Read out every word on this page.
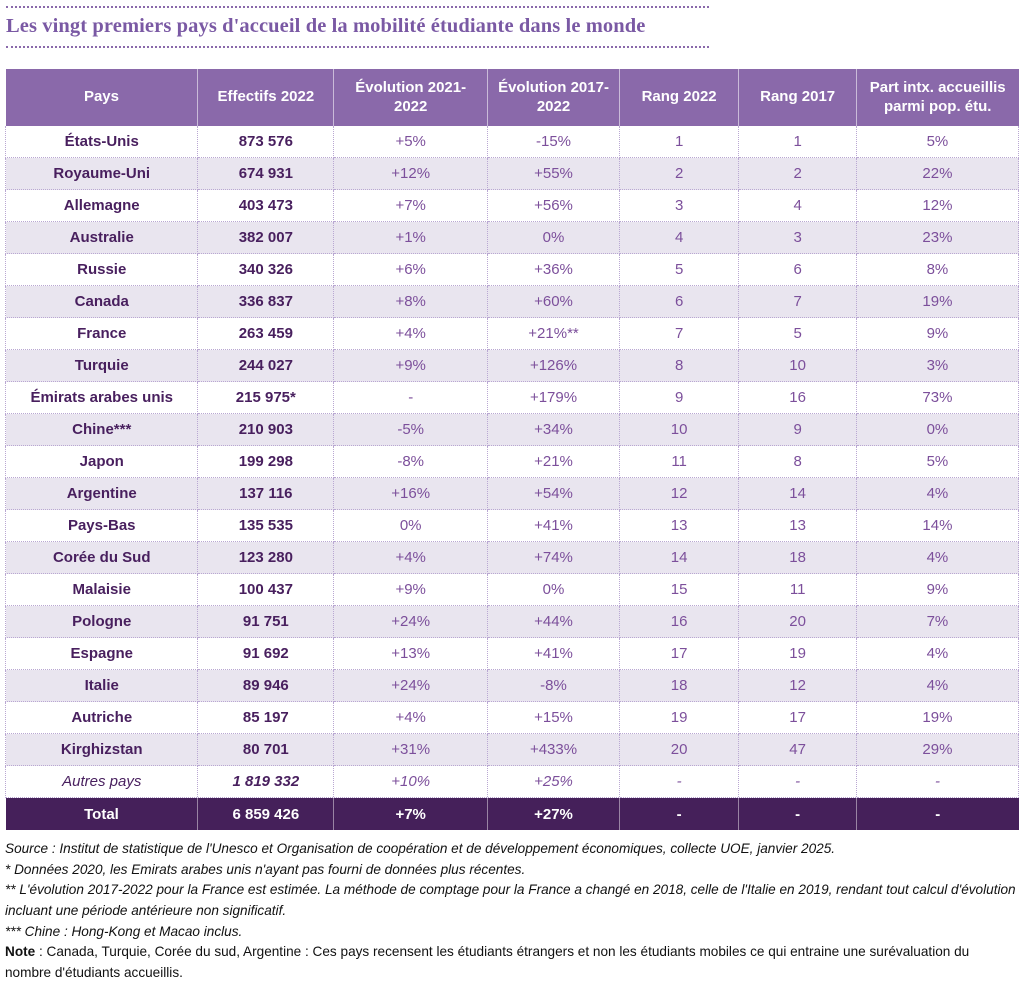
Les vingt premiers pays d'accueil de la mobilité étudiante dans le monde
Pays	Effectifs 2022	Évolution 2021-2022	Évolution 2017-2022	Rang 2022	Rang 2017	Part intx. accueillis parmi pop. étu.
États-Unis	873 576	+5%	-15%	1	1	5%
Royaume-Uni	674 931	+12%	+55%	2	2	22%
Allemagne	403 473	+7%	+56%	3	4	12%
Australie	382 007	+1%	0%	4	3	23%
Russie	340 326	+6%	+36%	5	6	8%
Canada	336 837	+8%	+60%	6	7	19%
France	263 459	+4%	+21%**	7	5	9%
Turquie	244 027	+9%	+126%	8	10	3%
Émirats arabes unis	215 975*	-	+179%	9	16	73%
Chine***	210 903	-5%	+34%	10	9	0%
Japon	199 298	-8%	+21%	11	8	5%
Argentine	137 116	+16%	+54%	12	14	4%
Pays-Bas	135 535	0%	+41%	13	13	14%
Corée du Sud	123 280	+4%	+74%	14	18	4%
Malaisie	100 437	+9%	0%	15	11	9%
Pologne	91 751	+24%	+44%	16	20	7%
Espagne	91 692	+13%	+41%	17	19	4%
Italie	89 946	+24%	-8%	18	12	4%
Autriche	85 197	+4%	+15%	19	17	19%
Kirghizstan	80 701	+31%	+433%	20	47	29%
Autres pays	1 819 332	+10%	+25%	-	-	-
Total	6 859 426	+7%	+27%	-	-	-

Source : Institut de statistique de l'Unesco et Organisation de coopération et de développement économiques, collecte UOE, janvier 2025.

* Données 2020, les Emirats arabes unis n'ayant pas fourni de données plus récentes.

** L'évolution 2017-2022 pour la France est estimée. La méthode de comptage pour la France a changé en 2018, celle de l'Italie en 2019, rendant tout calcul d'évolution incluant une période antérieure non significatif.

*** Chine : Hong-Kong et Macao inclus.

Note : Canada, Turquie, Corée du sud, Argentine : Ces pays recensent les étudiants étrangers et non les étudiants mobiles ce qui entraine une surévaluation du nombre d'étudiants accueillis.
